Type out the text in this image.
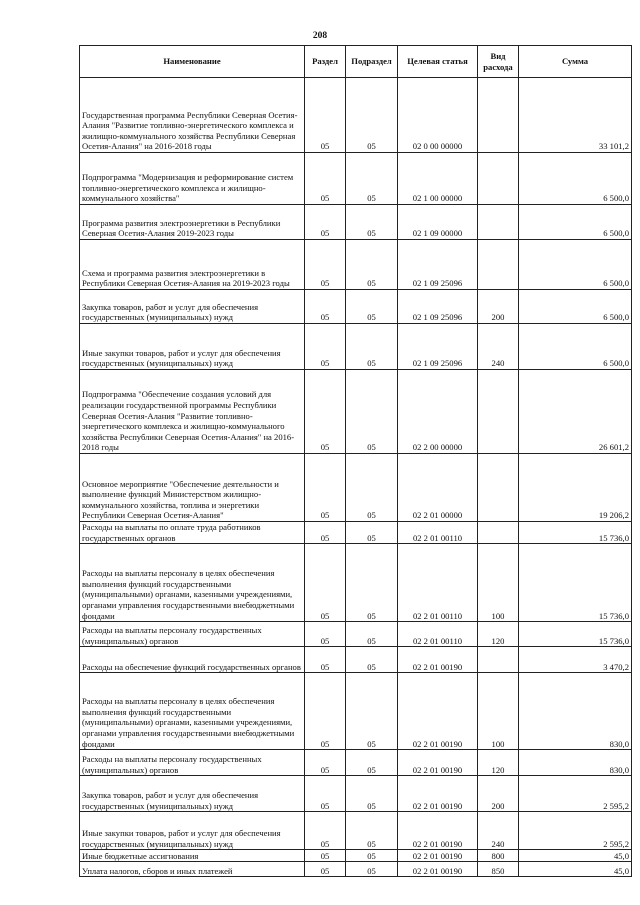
208
Наименование	Раздел	Подраздел	Целевая статья	Вид расхода	Сумма
Государственная программа Республики Северная Осетия-Алания "Развитие топливно-энергетического комплекса и жилищно-коммунального хозяйства Республики Северная Осетия-Алания" на 2016-2018 годы	05	05	02 0 00 00000		33 101,2
Подпрограмма "Модернизация и реформирование систем топливно-энергетического комплекса и жилищно-коммунального хозяйства"	05	05	02 1 00 00000		6 500,0
Программа развития электроэнергетики в Республики Северная Осетия-Алания 2019-2023 годы	05	05	02 1 09 00000		6 500,0
Схема и программа развития электроэнергетики в Республики Северная Осетия-Алания на 2019-2023 годы	05	05	02 1 09 25096		6 500,0
Закупка товаров, работ и услуг для обеспечения государственных (муниципальных) нужд	05	05	02 1 09 25096	200	6 500,0
Иные закупки товаров, работ и услуг для обеспечения государственных (муниципальных) нужд	05	05	02 1 09 25096	240	6 500,0
Подпрограмма "Обеспечение создания условий для реализации государственной программы Республики Северная Осетия-Алания "Развитие топливно-энергетического комплекса и жилищно-коммунального хозяйства Республики Северная Осетия-Алания" на 2016-2018 годы	05	05	02 2 00 00000		26 601,2
Основное мероприятие "Обеспечение деятельности и выполнение функций Министерством жилищно-коммунального хозяйства, топлива и энергетики Республики Северная Осетия-Алания"	05	05	02 2 01 00000		19 206,2
Расходы на выплаты по оплате труда работников государственных органов	05	05	02 2 01 00110		15 736,0
Расходы на выплаты персоналу в целях обеспечения выполнения функций государственными (муниципальными) органами, казенными учреждениями, органами управления государственными внебюджетными фондами	05	05	02 2 01 00110	100	15 736,0
Расходы на выплаты персоналу государственных (муниципальных) органов	05	05	02 2 01 00110	120	15 736,0
Расходы на обеспечение функций государственных органов	05	05	02 2 01 00190		3 470,2
Расходы на выплаты персоналу в целях обеспечения выполнения функций государственными (муниципальными) органами, казенными учреждениями, органами управления государственными внебюджетными фондами	05	05	02 2 01 00190	100	830,0
Расходы на выплаты персоналу государственных (муниципальных) органов	05	05	02 2 01 00190	120	830,0
Закупка товаров, работ и услуг для обеспечения государственных (муниципальных) нужд	05	05	02 2 01 00190	200	2 595,2
Иные закупки товаров, работ и услуг для обеспечения государственных (муниципальных) нужд	05	05	02 2 01 00190	240	2 595,2
Иные бюджетные ассигнования	05	05	02 2 01 00190	800	45,0
Уплата налогов, сборов и иных платежей	05	05	02 2 01 00190	850	45,0
